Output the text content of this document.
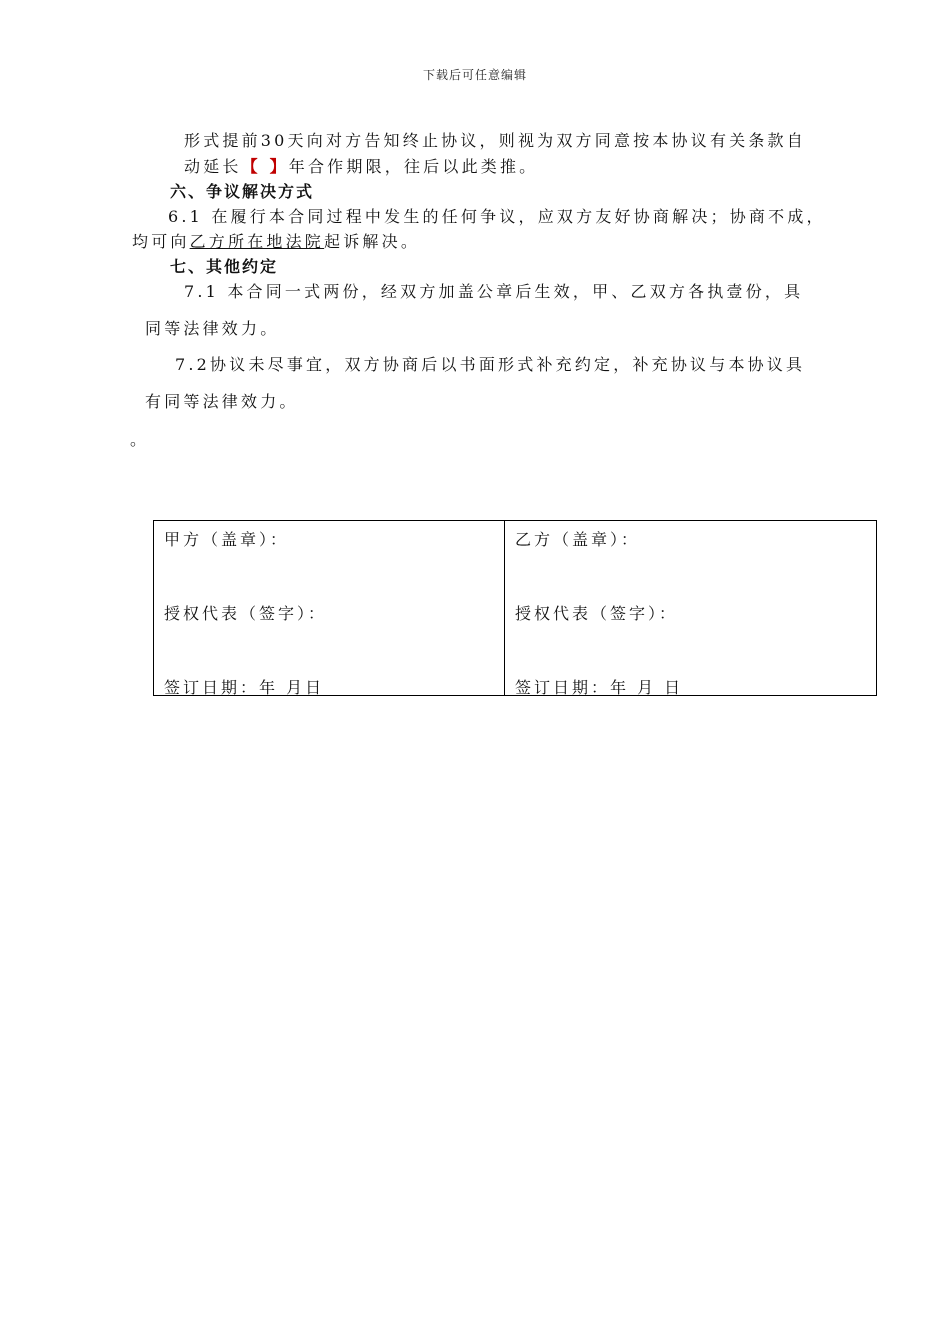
下载后可任意编辑
形式提前30天向对方告知终止协议，则视为双方同意按本协议有关条款自
动延长【 】年合作期限，往后以此类推。
六、争议解决方式
6.1 在履行本合同过程中发生的任何争议，应双方友好协商解决；协商不成，
均可向乙方所在地法院起诉解决。
七、其他约定
7.1 本合同一式两份，经双方加盖公章后生效，甲、乙双方各执壹份，具
同等法律效力。
7.2协议未尽事宜，双方协商后以书面形式补充约定，补充协议与本协议具
有同等法律效力。
。
甲方（盖章）：
授权代表（签字）：
签订日期：年 月日

乙方（盖章）：
授权代表（签字）：
签订日期：年 月 日
